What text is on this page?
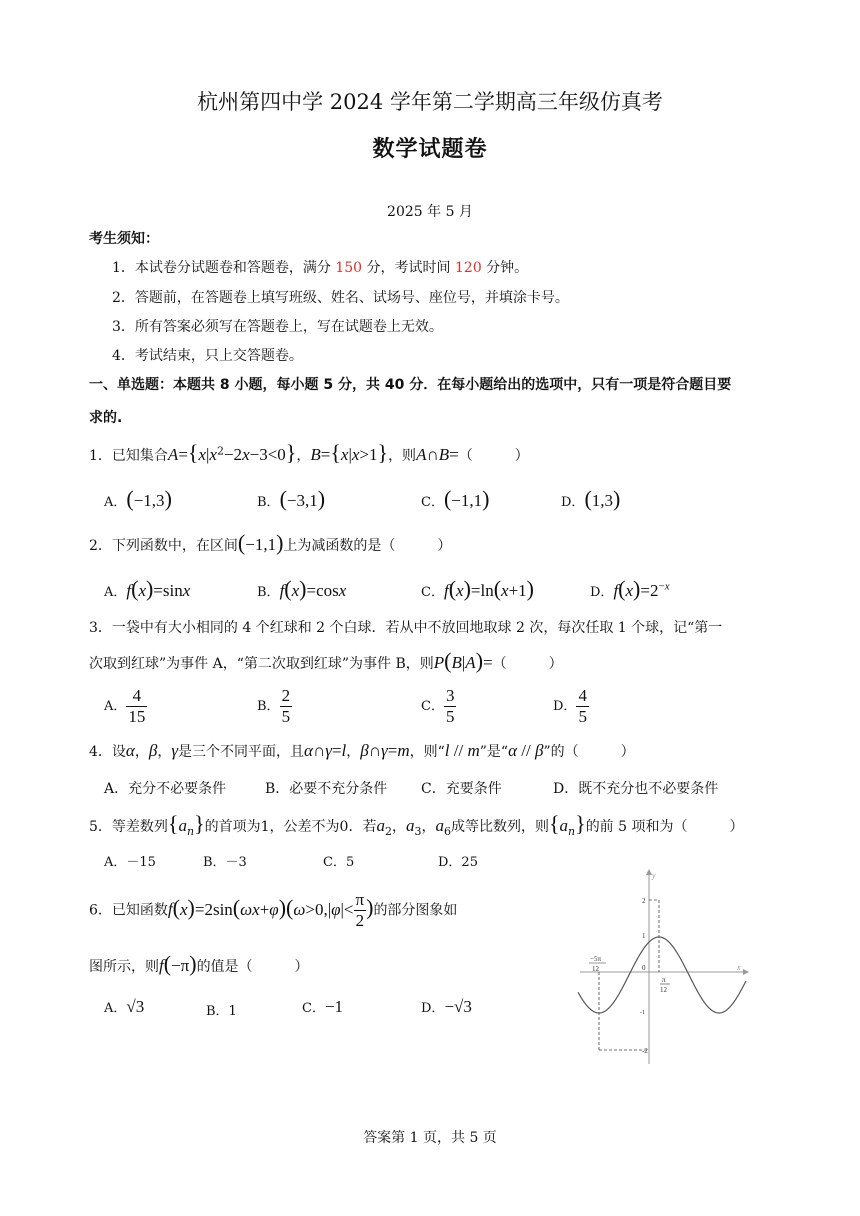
杭州第四中学 2024 学年第二学期高三年级仿真考
数学试题卷
2025 年 5 月
考生须知：
1．本试卷分试题卷和答题卷，满分 150 分，考试时间 120 分钟。
2．答题前，在答题卷上填写班级、姓名、试场号、座位号，并填涂卡号。
3．所有答案必须写在答题卷上，写在试题卷上无效。
4．考试结束，只上交答题卷。
一、单选题：本题共 8 小题，每小题 5 分，共 40 分．在每小题给出的选项中，只有一项是符合题目要
求的.
1．已知集合$A=\{x|x^2-2x-3<0\}$，B={x|x>1}，则A∩B=（　　　）
A．(−1,3)	B．(−3,1)	C．(−1,1)	D．(1,3)
2．下列函数中，在区间(−1,1)上为减函数的是（　　　）
A．f(x)=sinx	B．f(x)=cosx	C．f(x)=ln(x+1)	D．$f(x)=2^{-x}$
3．一袋中有大小相同的 4 个红球和 2 个白球．若从中不放回地取球 2 次，每次任取 1 个球，记“第一
次取到红球”为事件 A，“第二次取到红球”为事件 B，则P(B|A)=（　　　）
A． $\frac{4}{15}$	B． $\frac{2}{5}$	C． $\frac{3}{5}$	D． $\frac{4}{5}$
4．设α，β，γ是三个不同平面，且α∩γ=l，β∩γ=m，则“l // m”是“α // β”的（　　　）
A．充分不必要条件	B．必要不充分条件 C．充要条件	D．既不充分也不必要条件
5．等差数列$\{a_n\}$的首项为1，公差不为0．若$a_2$，$a_3$，$a_6$成等比数列，则$\{a_n\}$的前 5 项和为（　　　）
A．－15	B．－3	C．5	D．25
6．已知函数$f(x)=2\sin(\omega x+\varphi)(\omega>0,|\varphi|< \frac{\pi}{2}$ )的部分图象如
图所示，则f(−π)的值是（　　　）
A．√3	B．1	C．−1	D．−√3
y
x
0
2
1
-1
-2
−5π
12
π
12
答案第 1 页，共 5 页
